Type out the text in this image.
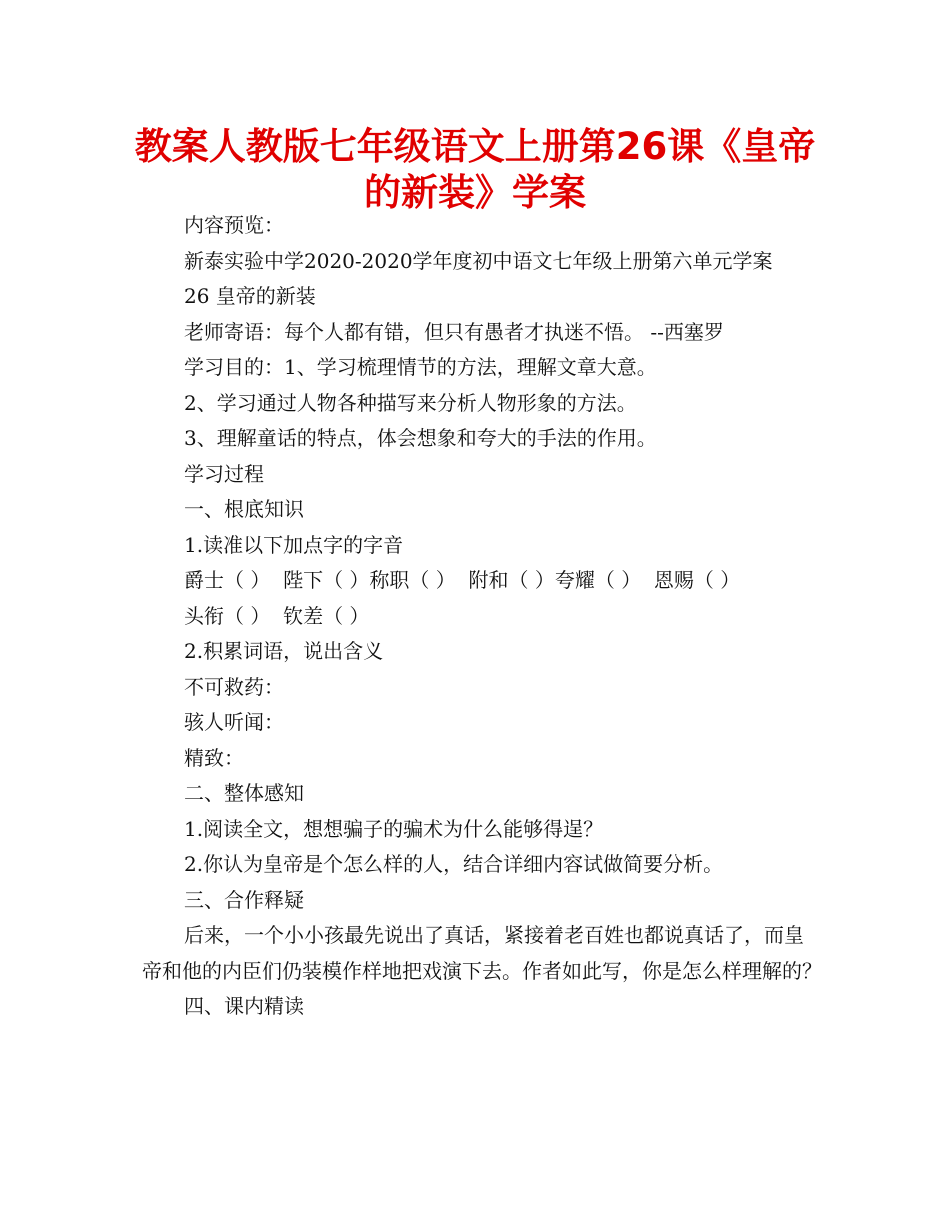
教案人教版七年级语文上册第26课《皇帝
的新装》学案

内容预览：

新泰实验中学2020-2020学年度初中语文七年级上册第六单元学案

26 皇帝的新装

老师寄语：每个人都有错，但只有愚者才执迷不悟。 --西塞罗

学习目的：1、学习梳理情节的方法，理解文章大意。

2、学习通过人物各种描写来分析人物形象的方法。

3、理解童话的特点，体会想象和夸大的手法的作用。

学习过程

一、根底知识

1.读准以下加点字的字音

爵士（ ）  陛下（ ）称职（ ）  附和（ ）夸耀（ ）  恩赐（ ）

头衔（ ）  钦差（ ）

2.积累词语，说出含义

不可救药：

骇人听闻：

精致：

二、整体感知

1.阅读全文，想想骗子的骗术为什么能够得逞？

2.你认为皇帝是个怎么样的人，结合详细内容试做简要分析。

三、合作释疑

后来，一个小小孩最先说出了真话，紧接着老百姓也都说真话了，而皇帝和他的内臣们仍装模作样地把戏演下去。作者如此写，你是怎么样理解的？

四、课内精读
